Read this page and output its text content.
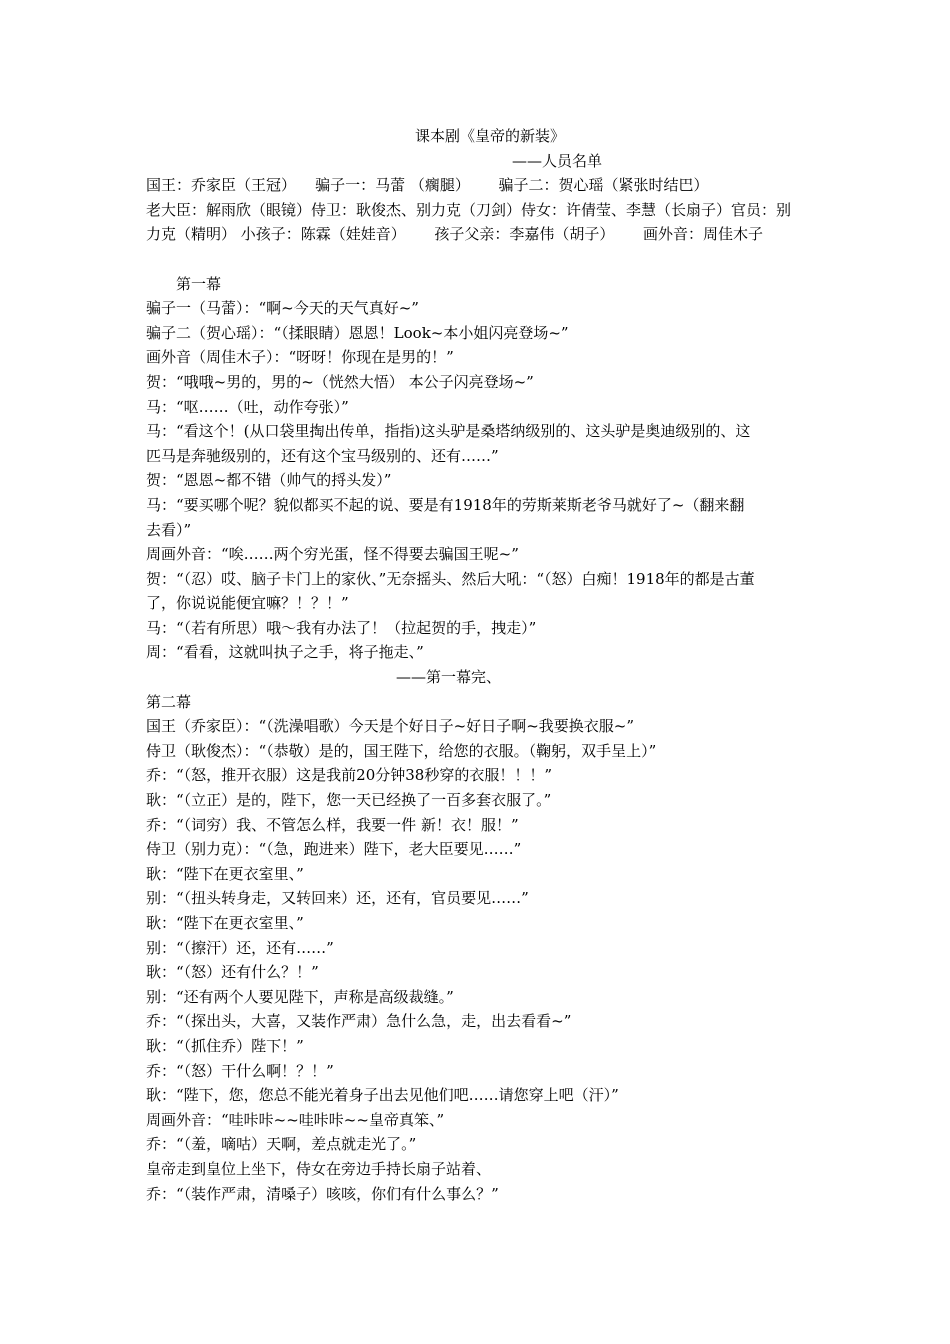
课本剧《皇帝的新装》
——人员名单
国王：乔家臣（王冠）    骗子一：马蕾 （瘸腿）      骗子二：贺心瑶（紧张时结巴）
老大臣：解雨欣（眼镜）侍卫：耿俊杰、别力克（刀剑）侍女：许倩莹、李慧（长扇子）官员：别
力克（精明） 小孩子：陈霖（娃娃音）      孩子父亲：李嘉伟（胡子）      画外音：周佳木子
第一幕
骗子一（马蕾）：“啊~今天的天气真好~”
骗子二（贺心瑶）：“（揉眼睛）恩恩！Look~本小姐闪亮登场~”
画外音（周佳木子）：“呀呀！你现在是男的！”
贺：“哦哦~男的，男的~（恍然大悟） 本公子闪亮登场~”
马：“呕……（吐，动作夸张）”
马：“看这个！(从口袋里掏出传单，指指)这头驴是桑塔纳级别的、这头驴是奥迪级别的、这
匹马是奔驰级别的，还有这个宝马级别的、还有……”
贺：“恩恩~都不错（帅气的捋头发）”
马：“要买哪个呢？貌似都买不起的说、要是有1918年的劳斯莱斯老爷马就好了~（翻来翻
去看）”
周画外音：“唉……两个穷光蛋，怪不得要去骗国王呢~”
贺：“（忍）哎、脑子卡门上的家伙、”无奈摇头、然后大吼：“（怒）白痴！1918年的都是古董
了，你说说能便宜嘛？！？！”
马：“（若有所思）哦～我有办法了！（拉起贺的手，拽走）”
周：“看看，这就叫执子之手，将子拖走、”
——第一幕完、
第二幕
国王（乔家臣）：“（洗澡唱歌）今天是个好日子~好日子啊~我要换衣服~”
侍卫（耿俊杰）：“（恭敬）是的，国王陛下，给您的衣服。（鞠躬，双手呈上）”
乔：“（怒，推开衣服）这是我前20分钟38秒穿的衣服！！！”
耿：“（立正）是的，陛下，您一天已经换了一百多套衣服了。”
乔：“（词穷）我、不管怎么样，我要一件 新！衣！服！”
侍卫（别力克）：“（急，跑进来）陛下，老大臣要见……”
耿：“陛下在更衣室里、”
别：“（扭头转身走，又转回来）还，还有，官员要见……”
耿：“陛下在更衣室里、”
别：“（擦汗）还，还有……”
耿：“（怒）还有什么？！”
别：“还有两个人要见陛下，声称是高级裁缝。”
乔：“（探出头，大喜，又装作严肃）急什么急，走，出去看看~”
耿：“（抓住乔）陛下！”
乔：“（怒）干什么啊！？！”
耿：“陛下，您，您总不能光着身子出去见他们吧……请您穿上吧（汗）”
周画外音：“哇咔咔~~哇咔咔~~皇帝真笨、”
乔：“（羞，嘀咕）天啊，差点就走光了。”
皇帝走到皇位上坐下，侍女在旁边手持长扇子站着、
乔：“（装作严肃，清嗓子）咳咳，你们有什么事么？”
